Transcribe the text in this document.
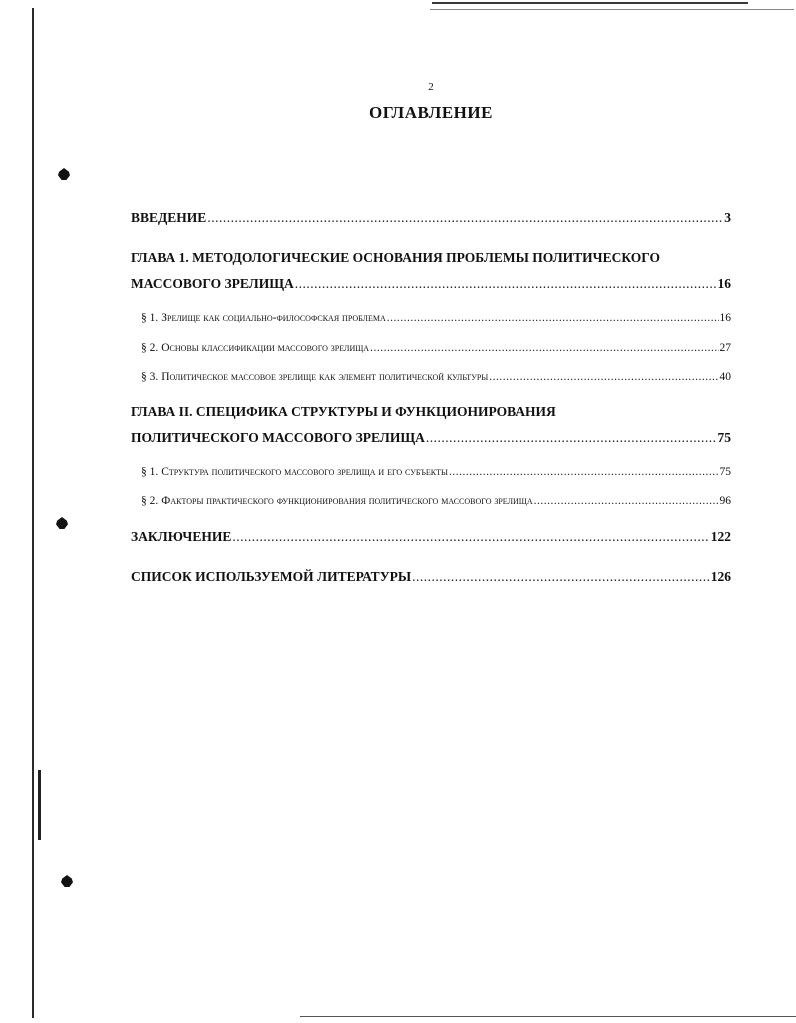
2
ОГЛАВЛЕНИЕ
ВВЕДЕНИЕ .....	3
ГЛАВА 1. МЕТОДОЛОГИЧЕСКИЕ ОСНОВАНИЯ ПРОБЛЕМЫ ПОЛИТИЧЕСКОГО
МАССОВОГО ЗРЕЛИЩА .....	16
§ 1. Зрелище как социально-философская проблема .....	16
§ 2. Основы классификации массового зрелища .....	27
§ 3. Политическое массовое зрелище как элемент политической культуры .....	40
ГЛАВА II. СПЕЦИФИКА СТРУКТУРЫ И ФУНКЦИОНИРОВАНИЯ
ПОЛИТИЧЕСКОГО МАССОВОГО ЗРЕЛИЩА .....	75
§ 1. Структура политического массового зрелища и его субъекты .....	75
§ 2. Факторы практического функционирования политического массового зрелища .....	96
ЗАКЛЮЧЕНИЕ .....	122
СПИСОК ИСПОЛЬЗУЕМОЙ ЛИТЕРАТУРЫ .....	126
